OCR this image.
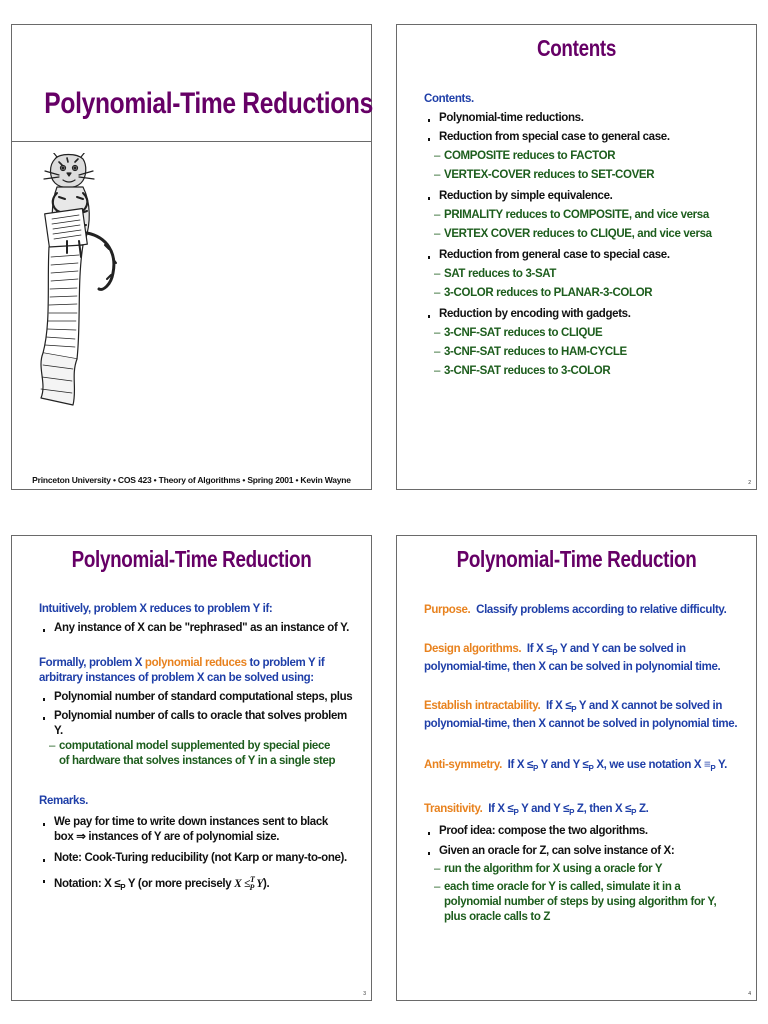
Polynomial-Time Reductions
Princeton University • COS 423 • Theory of Algorithms • Spring 2001 • Kevin Wayne
Contents

Contents.

Polynomial-time reductions.

Reduction from special case to general case.

– COMPOSITE reduces to FACTOR

– VERTEX-COVER reduces to SET-COVER

Reduction by simple equivalence.

– PRIMALITY reduces to COMPOSITE, and vice versa

– VERTEX COVER reduces to CLIQUE, and vice versa

Reduction from general case to special case.

– SAT reduces to 3-SAT

– 3-COLOR reduces to PLANAR-3-COLOR

Reduction by encoding with gadgets.

– 3-CNF-SAT reduces to CLIQUE

– 3-CNF-SAT reduces to HAM-CYCLE

– 3-CNF-SAT reduces to 3-COLOR

2
Polynomial-Time Reduction

Intuitively, problem X reduces to problem Y if:

Any instance of X can be "rephrased" as an instance of Y.

Formally, problem X polynomial reduces to problem Y if arbitrary instances of problem X can be solved using:

Polynomial number of standard computational steps, plus

Polynomial number of calls to oracle that solves problem Y.

– computational model supplemented by special piece of hardware that solves instances of Y in a single step

Remarks.

We pay for time to write down instances sent to black box ⇒ instances of Y are of polynomial size.

Note: Cook-Turing reducibility (not Karp or many-to-one).

Notation: $X \le_P$ Y (or more precisely X ≤$^T_P$ Y).

3
Polynomial-Time Reduction

Purpose. Classify problems according to relative difficulty.

Design algorithms. If $X \le_P$ Y and Y can be solved in polynomial-time, then X can be solved in polynomial time.

Establish intractability. If $X \le_P$ Y and X cannot be solved in polynomial-time, then X cannot be solved in polynomial time.

Anti-symmetry. If $X \le_P$ Y and $Y \le_P$ X, we use notation $X \equiv_P$ Y.

Transitivity. If $X \le_P$ Y and $Y \le_P$ Z, then $X \le_P$ Z.

Proof idea: compose the two algorithms.

Given an oracle for Z, can solve instance of X:

– run the algorithm for X using a oracle for Y

– each time oracle for Y is called, simulate it in a polynomial number of steps by using algorithm for Y, plus oracle calls to Z

4
